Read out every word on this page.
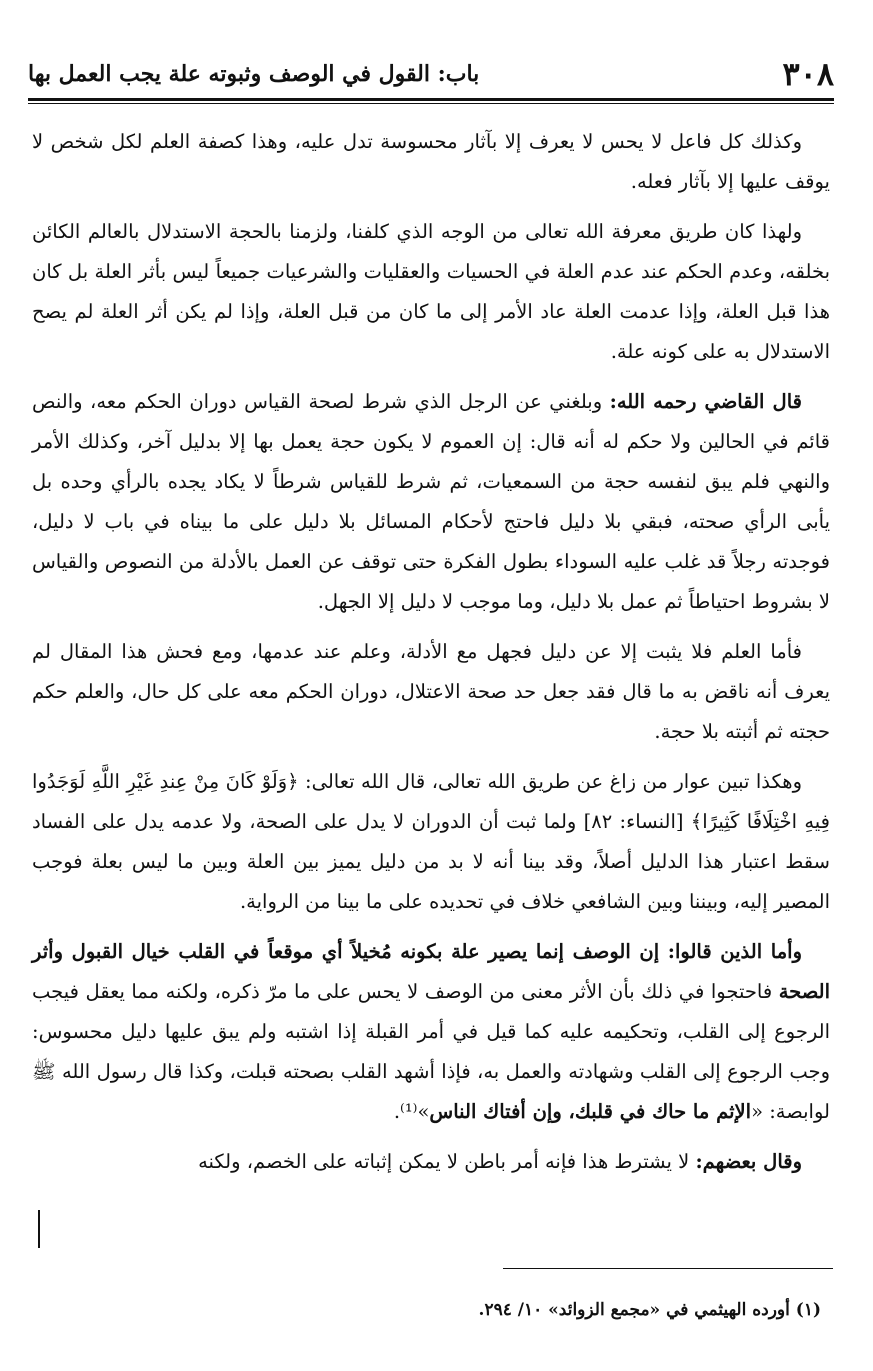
٣٠٨
باب: القول في الوصف وثبوته علة يجب العمل بها

وكذلك كل فاعل لا يحس لا يعرف إلا بآثار محسوسة تدل عليه، وهذا كصفة العلم لكل شخص لا يوقف عليها إلا بآثار فعله.

ولهذا كان طريق معرفة الله تعالى من الوجه الذي كلفنا، ولزمنا بالحجة الاستدلال بالعالم الكائن بخلقه، وعدم الحكم عند عدم العلة في الحسيات والعقليات والشرعيات جميعاً ليس بأثر العلة بل كان هذا قبل العلة، وإذا عدمت العلة عاد الأمر إلى ما كان من قبل العلة، وإذا لم يكن أثر العلة لم يصح الاستدلال به على كونه علة.

قال القاضي رحمه الله: وبلغني عن الرجل الذي شرط لصحة القياس دوران الحكم معه، والنص قائم في الحالين ولا حكم له أنه قال: إن العموم لا يكون حجة يعمل بها إلا بدليل آخر، وكذلك الأمر والنهي فلم يبق لنفسه حجة من السمعيات، ثم شرط للقياس شرطاً لا يكاد يجده بالرأي وحده بل يأبى الرأي صحته، فبقي بلا دليل فاحتج لأحكام المسائل بلا دليل على ما بيناه في باب لا دليل، فوجدته رجلاً قد غلب عليه السوداء بطول الفكرة حتى توقف عن العمل بالأدلة من النصوص والقياس لا بشروط احتياطاً ثم عمل بلا دليل، وما موجب لا دليل إلا الجهل.

فأما العلم فلا يثبت إلا عن دليل فجهل مع الأدلة، وعلم عند عدمها، ومع فحش هذا المقال لم يعرف أنه ناقض به ما قال فقد جعل حد صحة الاعتلال، دوران الحكم معه على كل حال، والعلم حكم حجته ثم أثبته بلا حجة.

وهكذا تبين عوار من زاغ عن طريق الله تعالى، قال الله تعالى: ﴿وَلَوْ كَانَ مِنْ عِندِ غَيْرِ اللَّهِ لَوَجَدُوا فِيهِ اخْتِلَافًا كَثِيرًا﴾ [النساء: ٨٢] ولما ثبت أن الدوران لا يدل على الصحة، ولا عدمه يدل على الفساد سقط اعتبار هذا الدليل أصلاً، وقد بينا أنه لا بد من دليل يميز بين العلة وبين ما ليس بعلة فوجب المصير إليه، وبيننا وبين الشافعي خلاف في تحديده على ما بينا من الرواية.

وأما الذين قالوا: إن الوصف إنما يصير علة بكونه مُخيلاً أي موقعاً في القلب خيال القبول وأثر الصحة فاحتجوا في ذلك بأن الأثر معنى من الوصف لا يحس على ما مرّ ذكره، ولكنه مما يعقل فيجب الرجوع إلى القلب، وتحكيمه عليه كما قيل في أمر القبلة إذا اشتبه ولم يبق عليها دليل محسوس: وجب الرجوع إلى القلب وشهادته والعمل به، فإذا أشهد القلب بصحته قبلت، وكذا قال رسول الله ﷺ لوابصة: «الإثم ما حاك في قلبك، وإن أفتاك الناس»⁽¹⁾.

وقال بعضهم: لا يشترط هذا فإنه أمر باطن لا يمكن إثباته على الخصم، ولكنه

(١) أورده الهيثمي في «مجمع الزوائد» ١٠/ ٢٩٤.
